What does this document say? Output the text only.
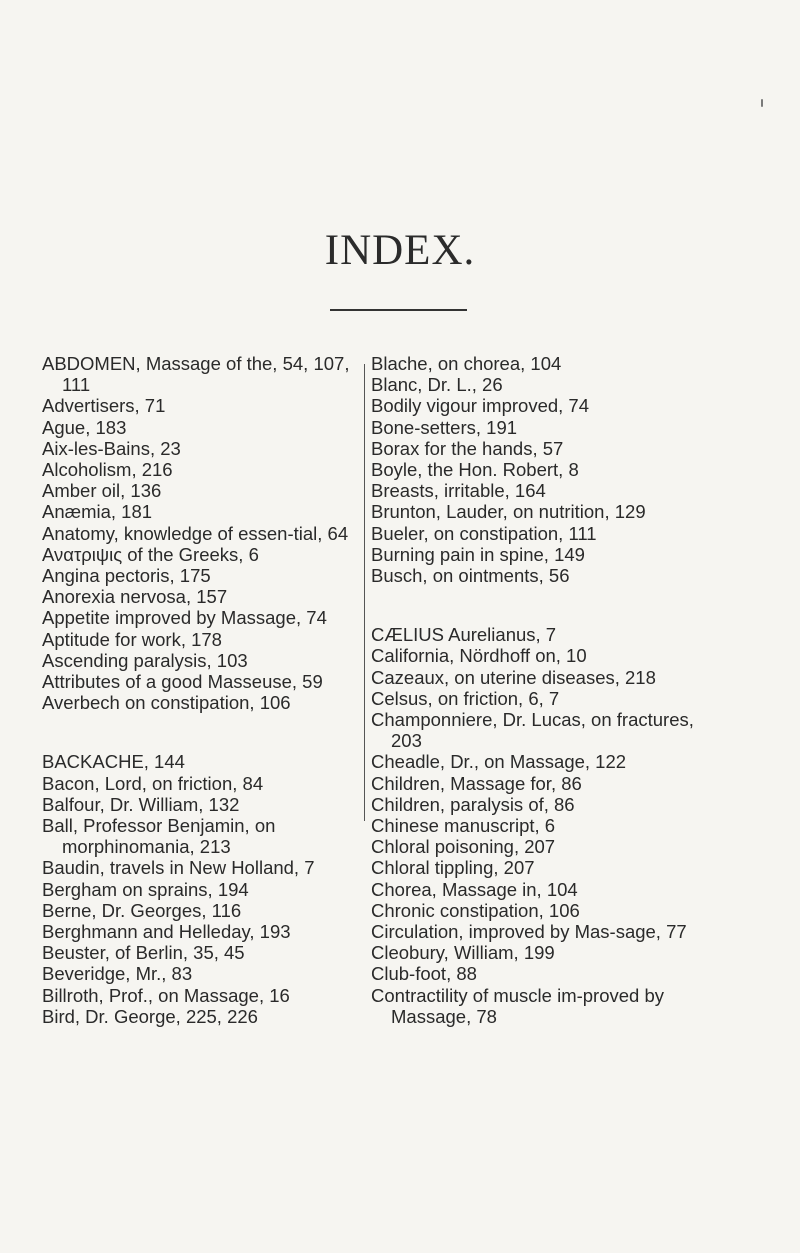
INDEX.

ABDOMEN, Massage of the, 54, 107, 111

Advertisers, 71

Ague, 183

Aix-les-Bains, 23

Alcoholism, 216

Amber oil, 136

Anæmia, 181

Anatomy, knowledge of essen-tial, 64

Ανατριψις of the Greeks, 6

Angina pectoris, 175

Anorexia nervosa, 157

Appetite improved by Massage, 74

Aptitude for work, 178

Ascending paralysis, 103

Attributes of a good Masseuse, 59

Averbech on constipation, 106

BACKACHE, 144

Bacon, Lord, on friction, 84

Balfour, Dr. William, 132

Ball, Professor Benjamin, on morphinomania, 213

Baudin, travels in New Holland, 7

Bergham on sprains, 194

Berne, Dr. Georges, 116

Berghmann and Helleday, 193

Beuster, of Berlin, 35, 45

Beveridge, Mr., 83

Billroth, Prof., on Massage, 16

Bird, Dr. George, 225, 226

Blache, on chorea, 104

Blanc, Dr. L., 26

Bodily vigour improved, 74

Bone-setters, 191

Borax for the hands, 57

Boyle, the Hon. Robert, 8

Breasts, irritable, 164

Brunton, Lauder, on nutrition, 129

Bueler, on constipation, 111

Burning pain in spine, 149

Busch, on ointments, 56

CÆLIUS Aurelianus, 7

California, Nördhoff on, 10

Cazeaux, on uterine diseases, 218

Celsus, on friction, 6, 7

Champonniere, Dr. Lucas, on fractures, 203

Cheadle, Dr., on Massage, 122

Children, Massage for, 86

Children, paralysis of, 86

Chinese manuscript, 6

Chloral poisoning, 207

Chloral tippling, 207

Chorea, Massage in, 104

Chronic constipation, 106

Circulation, improved by Mas-sage, 77

Cleobury, William, 199

Club-foot, 88

Contractility of muscle im-proved by Massage, 78
